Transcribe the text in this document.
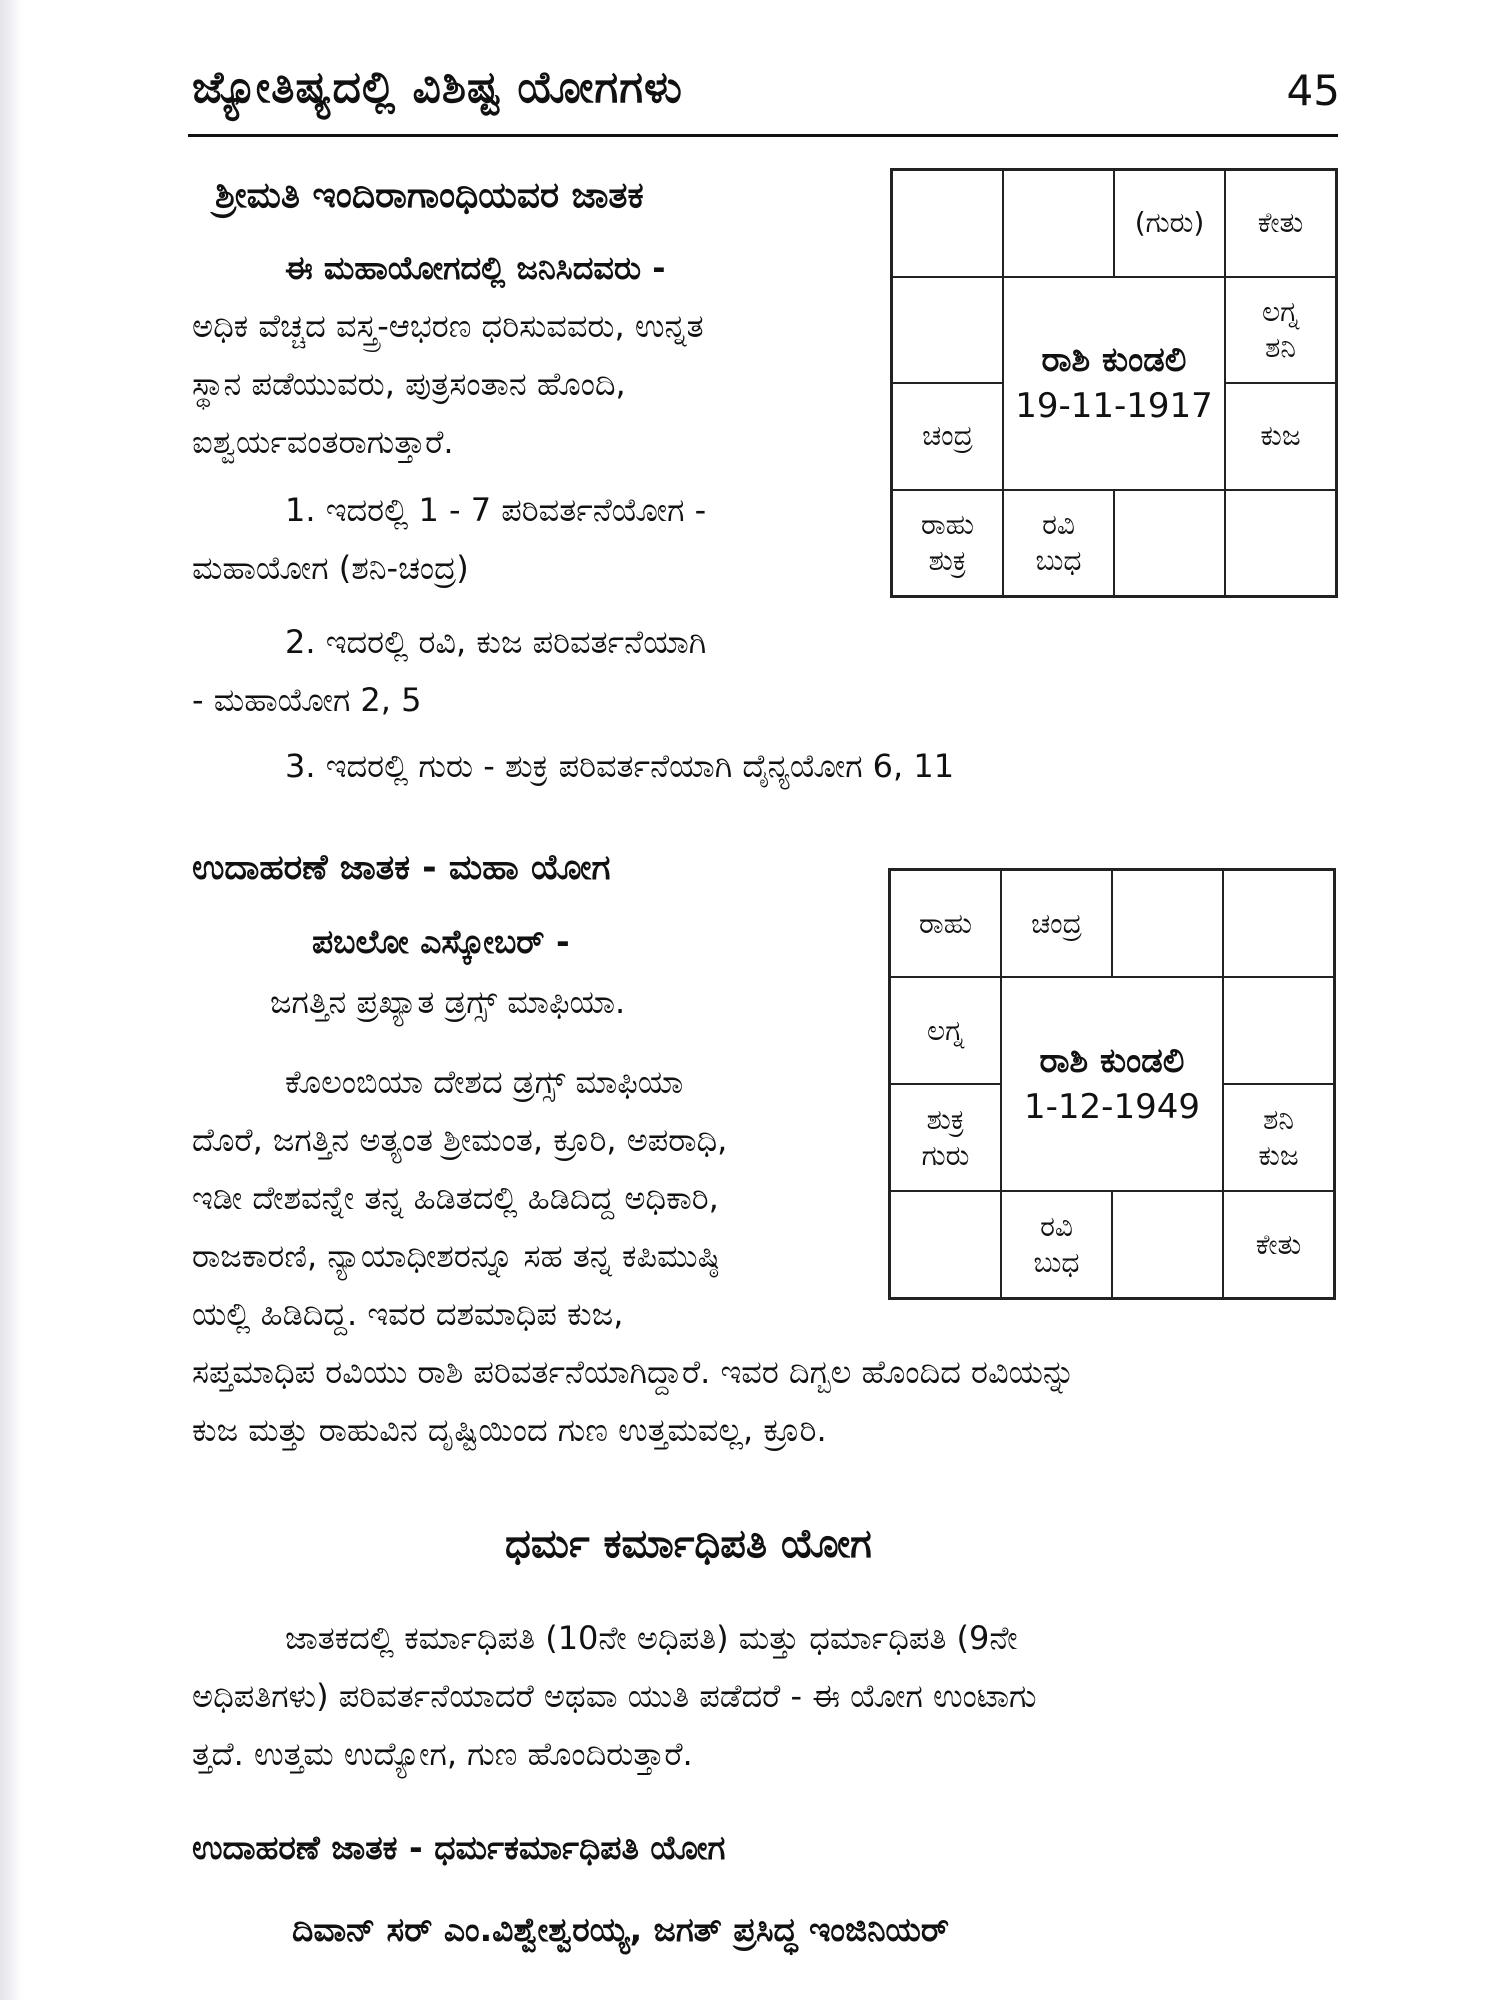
ಜ್ಯೋತಿಷ್ಯದಲ್ಲಿ ವಿಶಿಷ್ಟ ಯೋಗಗಳು	45
ಶ್ರೀಮತಿ ಇಂದಿರಾಗಾಂಧಿಯವರ ಜಾತಕ
ಈ ಮಹಾಯೋಗದಲ್ಲಿ ಜನಿಸಿದವರು -
ಅಧಿಕ ವೆಚ್ಚದ ವಸ್ತ್ರ-ಆಭರಣ ಧರಿಸುವವರು, ಉನ್ನತ
ಸ್ಥಾನ ಪಡೆಯುವರು, ಪುತ್ರಸಂತಾನ ಹೊಂದಿ,
ಐಶ್ವರ್ಯವಂತರಾಗುತ್ತಾರೆ.
1. ಇದರಲ್ಲಿ 1 - 7 ಪರಿವರ್ತನೆಯೋಗ -
ಮಹಾಯೋಗ (ಶನಿ-ಚಂದ್ರ)
2. ಇದರಲ್ಲಿ ರವಿ, ಕುಜ ಪರಿವರ್ತನೆಯಾಗಿ
- ಮಹಾಯೋಗ 2, 5
3. ಇದರಲ್ಲಿ ಗುರು - ಶುಕ್ರ ಪರಿವರ್ತನೆಯಾಗಿ ದೈನ್ಯಯೋಗ 6, 11
(ಗುರು) ಕೇತು
ರಾಶಿ ಕುಂಡಲಿ
19-11-1917
ಲಗ್ನ
ಶನಿ
ಚಂದ್ರ	ಕುಜ
ರಾಹು
ಶುಕ್ರ
ರವಿ
ಬುಧ
ಉದಾಹರಣೆ ಜಾತಕ - ಮಹಾ ಯೋಗ
ಪಬಲೋ ಎಸ್ಕೋಬರ್ -
ಜಗತ್ತಿನ ಪ್ರಖ್ಯಾತ ಡ್ರಗ್ಸ್ ಮಾಫಿಯಾ.
ಕೊಲಂಬಿಯಾ ದೇಶದ ಡ್ರಗ್ಸ್ ಮಾಫಿಯಾ
ದೊರೆ, ಜಗತ್ತಿನ ಅತ್ಯಂತ ಶ್ರೀಮಂತ, ಕ್ರೂರಿ, ಅಪರಾಧಿ,
ಇಡೀ ದೇಶವನ್ನೇ ತನ್ನ ಹಿಡಿತದಲ್ಲಿ ಹಿಡಿದಿದ್ದ ಅಧಿಕಾರಿ,
ರಾಜಕಾರಣಿ, ನ್ಯಾಯಾಧೀಶರನ್ನೂ ಸಹ ತನ್ನ ಕಪಿಮುಷ್ಠಿ
ಯಲ್ಲಿ ಹಿಡಿದಿದ್ದ. ಇವರ ದಶಮಾಧಿಪ ಕುಜ,
ಸಪ್ತಮಾಧಿಪ ರವಿಯು ರಾಶಿ ಪರಿವರ್ತನೆಯಾಗಿದ್ದಾರೆ. ಇವರ ದಿಗ್ಬಲ ಹೊಂದಿದ ರವಿಯನ್ನು
ಕುಜ ಮತ್ತು ರಾಹುವಿನ ದೃಷ್ಟಿಯಿಂದ ಗುಣ ಉತ್ತಮವಲ್ಲ, ಕ್ರೂರಿ.
ರಾಹು ಚಂದ್ರ
ಲಗ್ನ
ರಾಶಿ ಕುಂಡಲಿ
1-12-1949
ಶುಕ್ರ
ಗುರು
ಶನಿ
ಕುಜ
ರವಿ
ಬುಧ
ಕೇತು
ಧರ್ಮ ಕರ್ಮಾಧಿಪತಿ ಯೋಗ
ಜಾತಕದಲ್ಲಿ ಕರ್ಮಾಧಿಪತಿ (10ನೇ ಅಧಿಪತಿ) ಮತ್ತು ಧರ್ಮಾಧಿಪತಿ (9ನೇ
ಅಧಿಪತಿಗಳು) ಪರಿವರ್ತನೆಯಾದರೆ ಅಥವಾ ಯುತಿ ಪಡೆದರೆ - ಈ ಯೋಗ ಉಂಟಾಗು
ತ್ತದೆ. ಉತ್ತಮ ಉದ್ಯೋಗ, ಗುಣ ಹೊಂದಿರುತ್ತಾರೆ.
ಉದಾಹರಣೆ ಜಾತಕ - ಧರ್ಮಕರ್ಮಾಧಿಪತಿ ಯೋಗ
ದಿವಾನ್ ಸರ್ ಎಂ.ವಿಶ್ವೇಶ್ವರಯ್ಯ, ಜಗತ್ ಪ್ರಸಿದ್ಧ ಇಂಜಿನಿಯರ್
